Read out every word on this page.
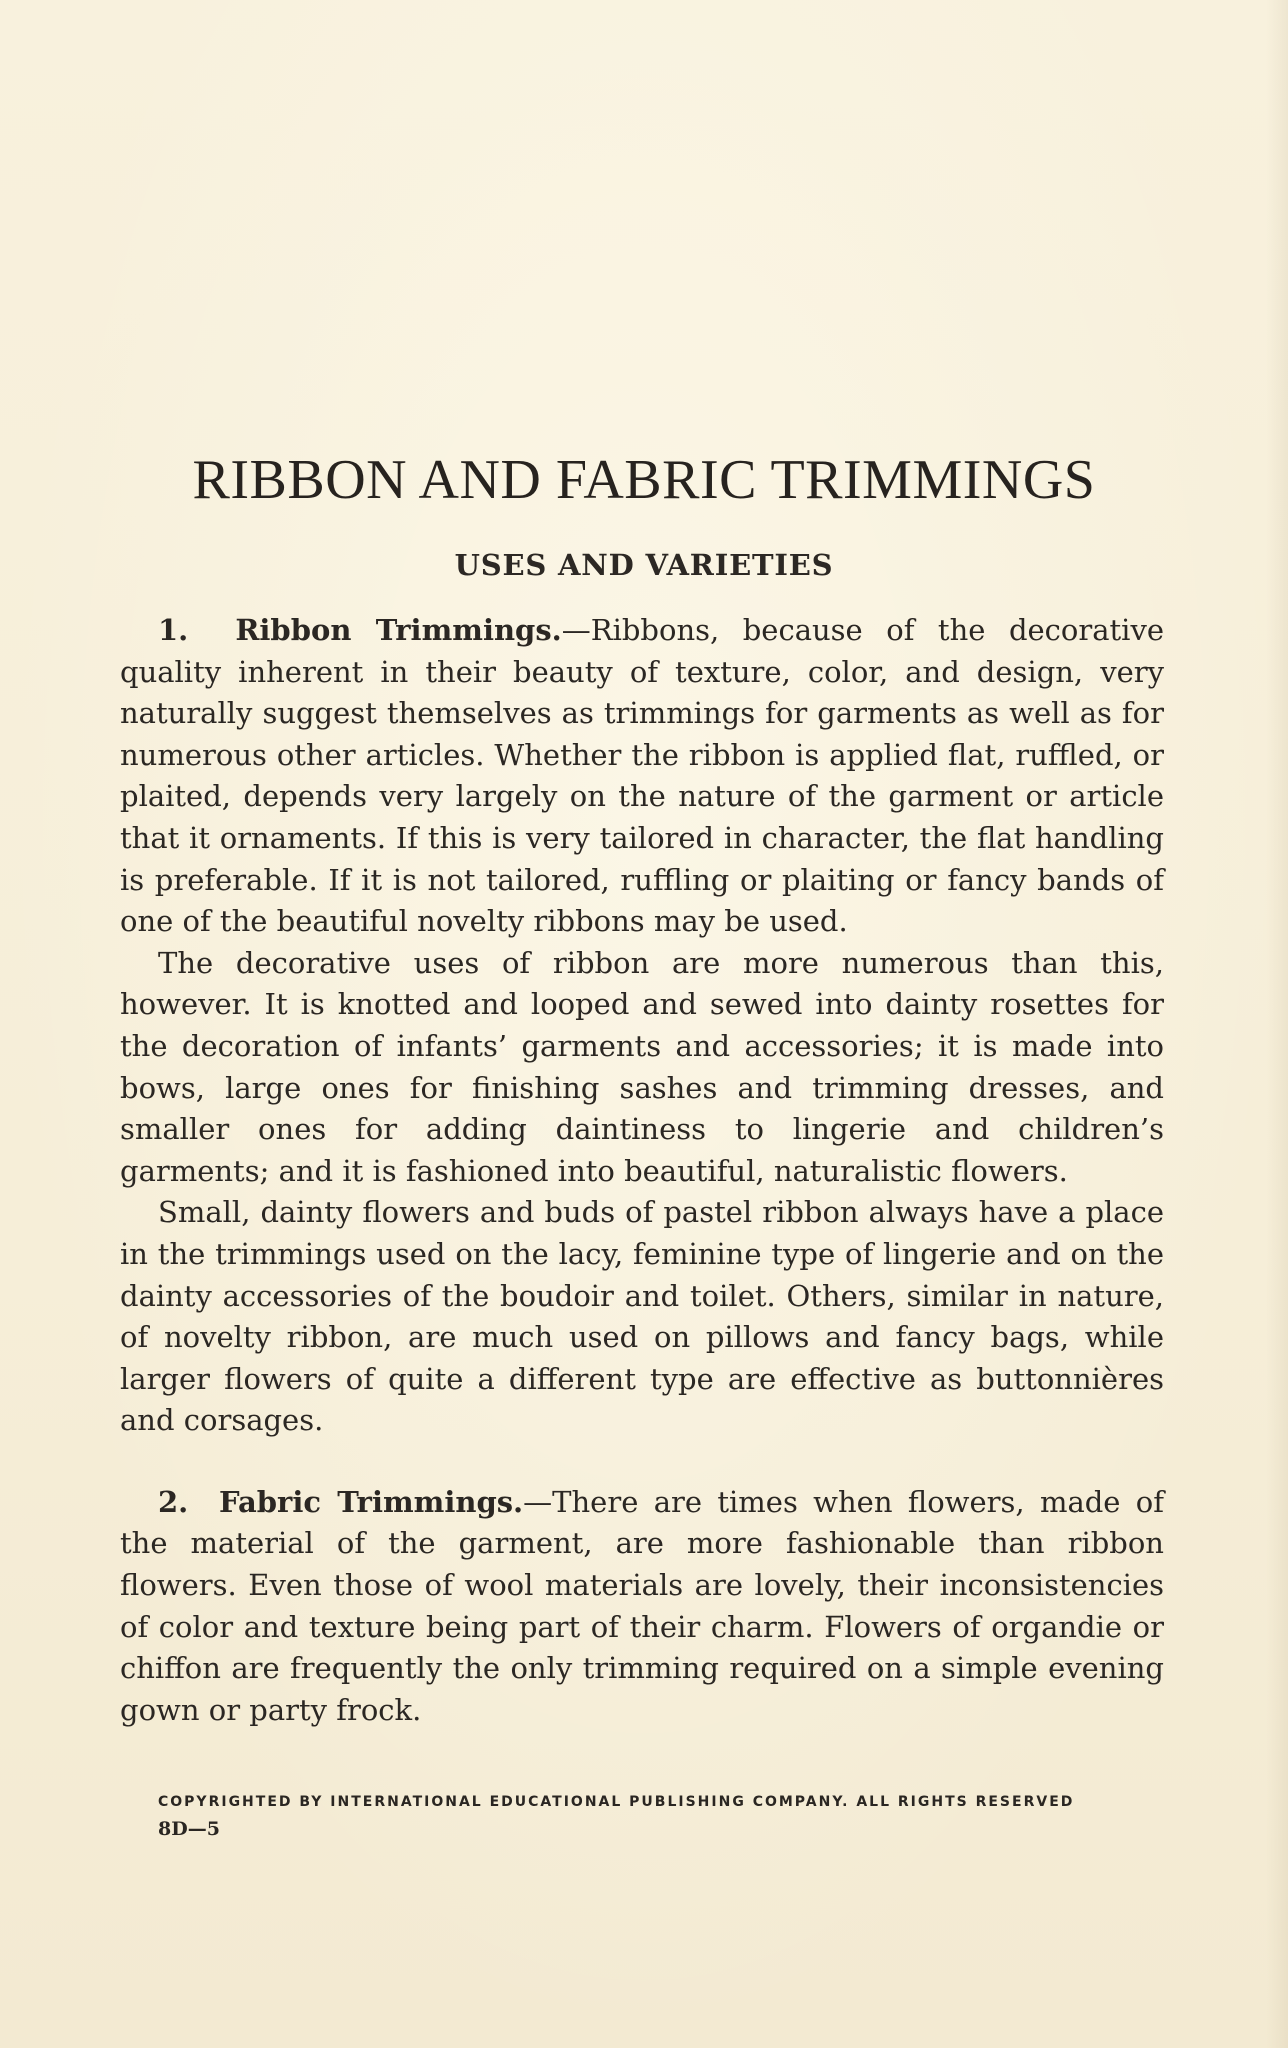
RIBBON AND FABRIC TRIMMINGS
USES AND VARIETIES

1. Ribbon Trimmings.—Ribbons, because of the decorative quality inherent in their beauty of texture, color, and design, very naturally suggest themselves as trimmings for garments as well as for numerous other articles. Whether the ribbon is applied flat, ruffled, or plaited, depends very largely on the nature of the garment or article that it ornaments. If this is very tailored in character, the flat handling is preferable. If it is not tailored, ruffling or plaiting or fancy bands of one of the beautiful novelty ribbons may be used.

The decorative uses of ribbon are more numerous than this, however. It is knotted and looped and sewed into dainty rosettes for the decoration of infants’ garments and accessories; it is made into bows, large ones for finishing sashes and trimming dresses, and smaller ones for adding daintiness to lingerie and children’s garments; and it is fashioned into beautiful, naturalistic flowers.

Small, dainty flowers and buds of pastel ribbon always have a place in the trimmings used on the lacy, feminine type of lingerie and on the dainty accessories of the boudoir and toilet. Others, similar in nature, of novelty ribbon, are much used on pillows and fancy bags, while larger flowers of quite a different type are effective as buttonnières and corsages.

2. Fabric Trimmings.—There are times when flowers, made of the material of the garment, are more fashionable than ribbon flowers. Even those of wool materials are lovely, their inconsistencies of color and texture being part of their charm. Flowers of organdie or chiffon are frequently the only trimming required on a simple evening gown or party frock.

COPYRIGHTED BY INTERNATIONAL EDUCATIONAL PUBLISHING COMPANY. ALL RIGHTS RESERVED
8D—5
